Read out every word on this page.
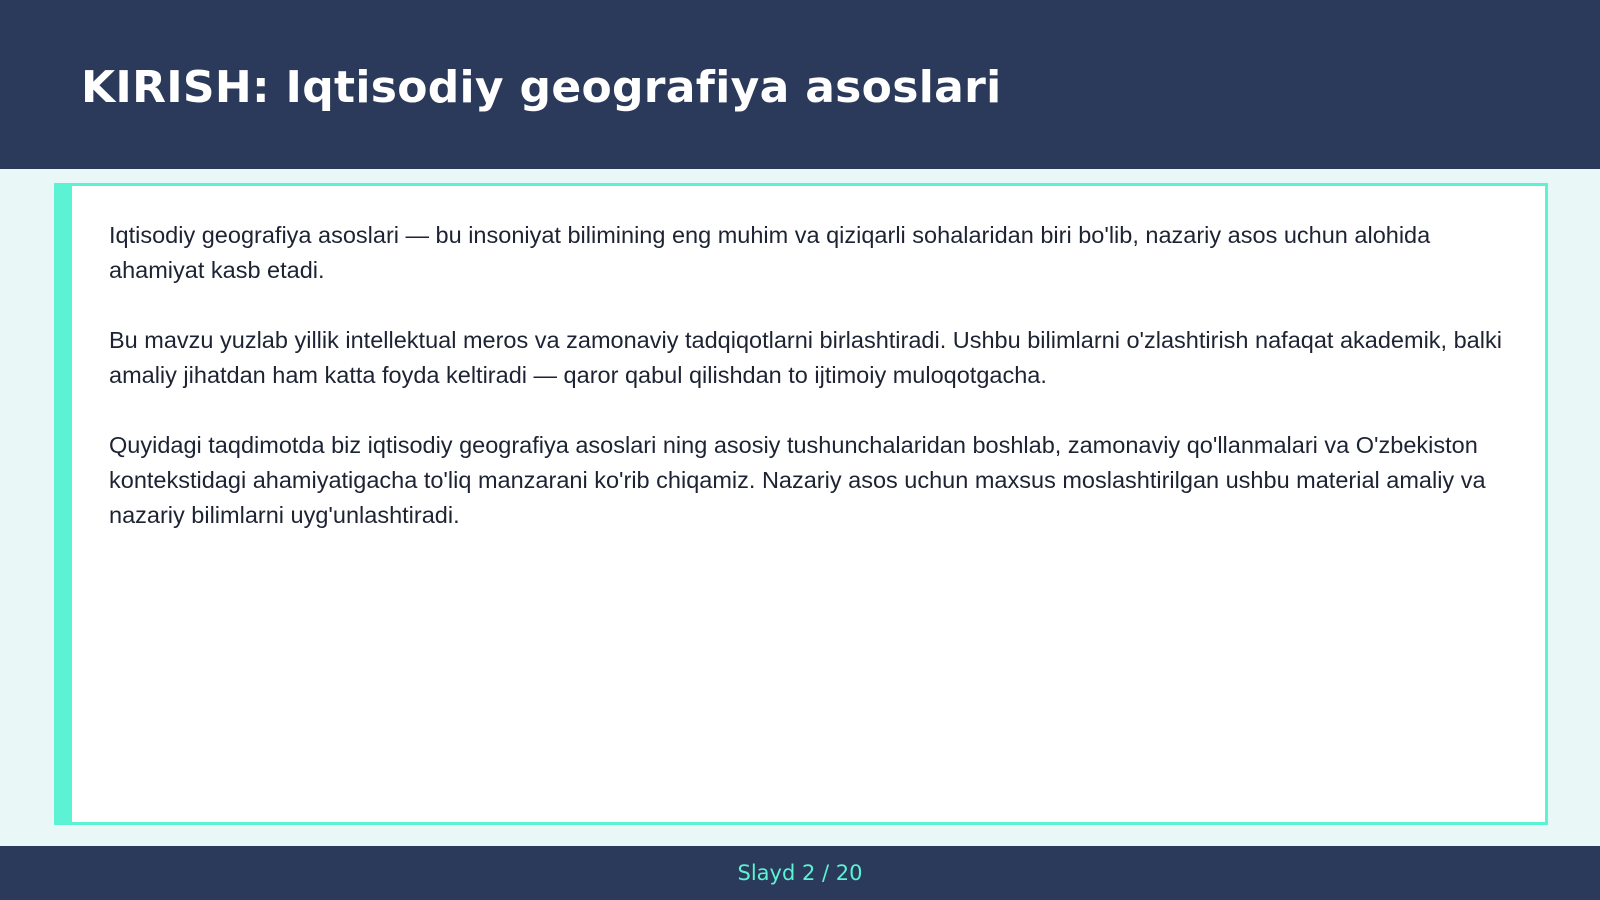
KIRISH: Iqtisodiy geografiya asoslari

Iqtisodiy geografiya asoslari — bu insoniyat bilimining eng muhim va qiziqarli sohalaridan biri bo'lib, nazariy asos uchun alohida ahamiyat kasb etadi.

Bu mavzu yuzlab yillik intellektual meros va zamonaviy tadqiqotlarni birlashtiradi. Ushbu bilimlarni o'zlashtirish nafaqat akademik, balki amaliy jihatdan ham katta foyda keltiradi — qaror qabul qilishdan to ijtimoiy muloqotgacha.

Quyidagi taqdimotda biz iqtisodiy geografiya asoslari ning asosiy tushunchalaridan boshlab, zamonaviy qo'llanmalari va O'zbekiston kontekstidagi ahamiyatigacha to'liq manzarani ko'rib chiqamiz. Nazariy asos uchun maxsus moslashtirilgan ushbu material amaliy va nazariy bilimlarni uyg'unlashtiradi.

Slayd 2 / 20
